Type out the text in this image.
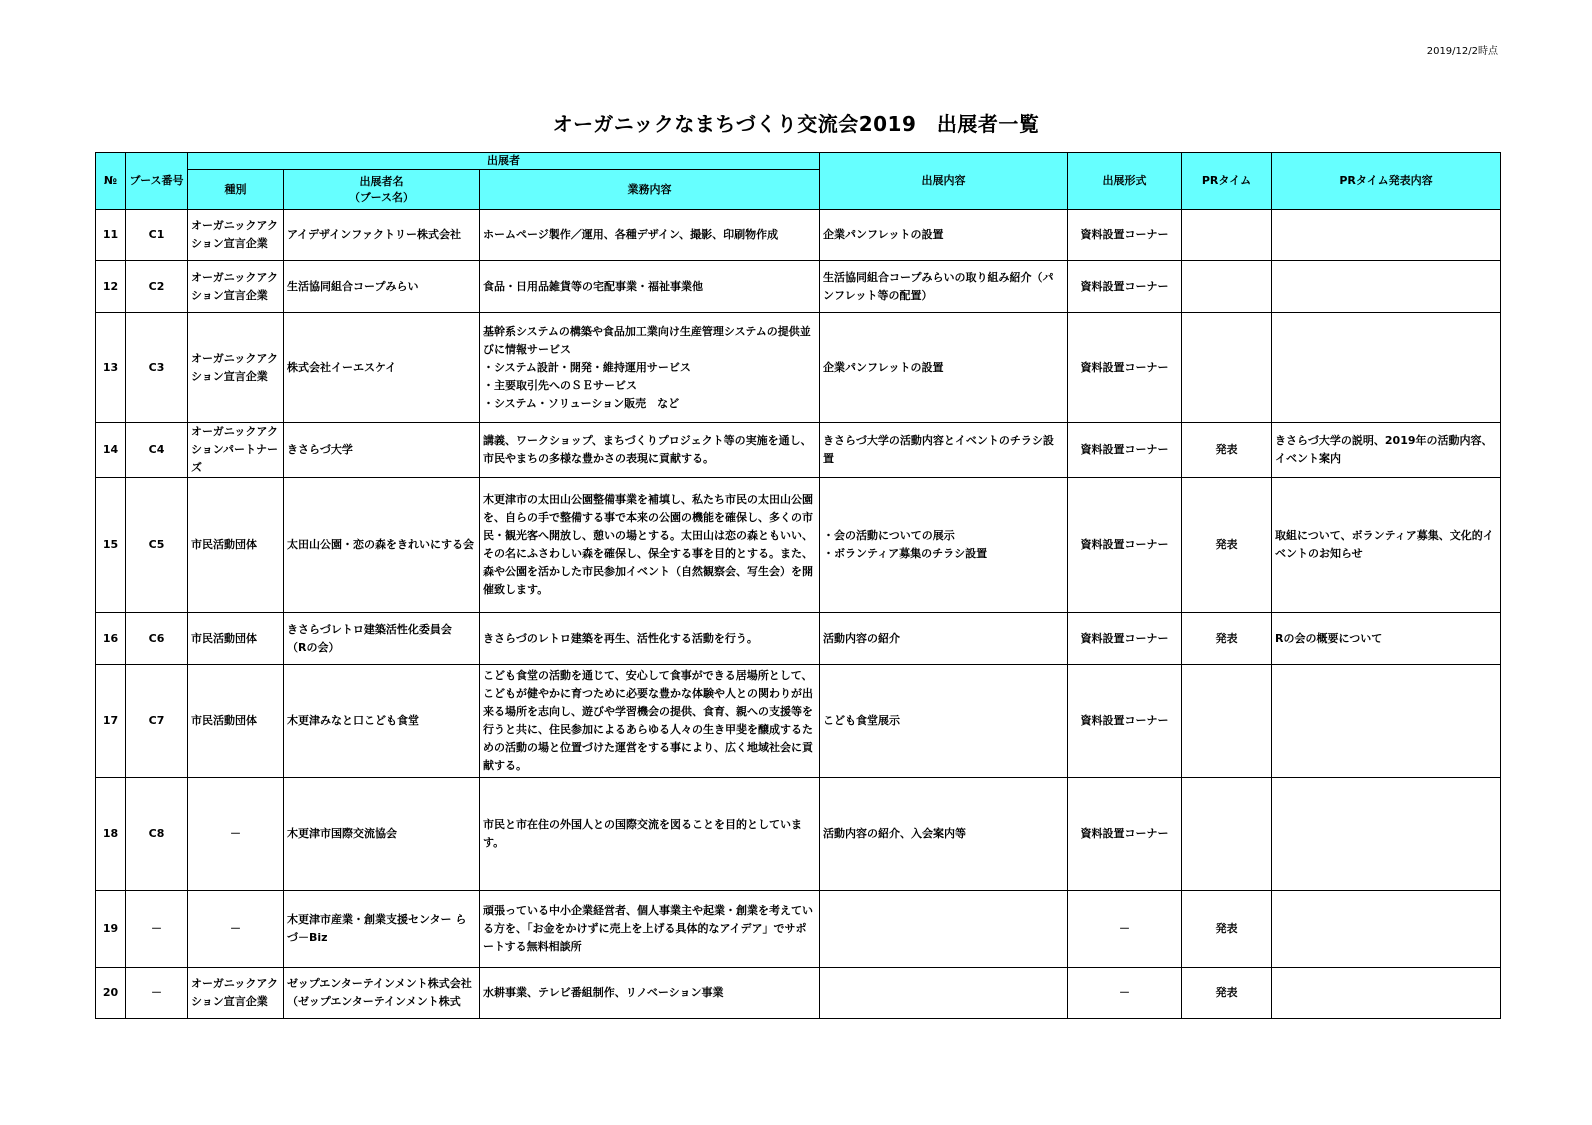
2019/12/2時点
オーガニックなまちづくり交流会2019　出展者一覧
№	ブース番号	出展者			出展内容	出展形式	PRタイム	PRタイム発表内容
		種別	出展者名
（ブース名）	業務内容				
11	C1	オーガニックアクション宣言企業	アイデザインファクトリー株式会社	ホームページ製作／運用、各種デザイン、撮影、印刷物作成	企業パンフレットの設置	資料設置コーナー		
12	C2	オーガニックアクション宣言企業	生活協同組合コープみらい	食品・日用品雑貨等の宅配事業・福祉事業他	生活協同組合コープみらいの取り組み紹介（パンフレット等の配置）	資料設置コーナー		
13	C3	オーガニックアクション宣言企業	株式会社イーエスケイ	基幹系システムの構築や食品加工業向け生産管理システムの提供並びに情報サービス
・システム設計・開発・維持運用サービス
・主要取引先へのＳＥサービス
・システム・ソリューション販売　など	企業パンフレットの設置	資料設置コーナー		
14	C4	オーガニックアクションパートナーズ	きさらづ大学	講義、ワークショップ、まちづくりプロジェクト等の実施を通し、市民やまちの多様な豊かさの表現に貢献する。	きさらづ大学の活動内容とイベントのチラシ設置	資料設置コーナー	発表	きさらづ大学の説明、2019年の活動内容、イベント案内
15	C5	市民活動団体	太田山公園・恋の森をきれいにする会	木更津市の太田山公園整備事業を補填し、私たち市民の太田山公園を、自らの手で整備する事で本来の公園の機能を確保し、多くの市民・観光客へ開放し、憩いの場とする。太田山は恋の森ともいい、その名にふさわしい森を確保し、保全する事を目的とする。また、森や公園を活かした市民参加イベント（自然観察会、写生会）を開催致します。	・会の活動についての展示
・ボランティア募集のチラシ設置	資料設置コーナー	発表	取組について、ボランティア募集、文化的イベントのお知らせ
16	C6	市民活動団体	きさらづレトロ建築活性化委員会
（Rの会）	きさらづのレトロ建築を再生、活性化する活動を行う。	活動内容の紹介	資料設置コーナー	発表	Rの会の概要について
17	C7	市民活動団体	木更津みなと口こども食堂	こども食堂の活動を通じて、安心して食事ができる居場所として、こどもが健やかに育つために必要な豊かな体験や人との関わりが出来る場所を志向し、遊びや学習機会の提供、食育、親への支援等を行うと共に、住民参加によるあらゆる人々の生き甲斐を醸成するための活動の場と位置づけた運営をする事により、広く地域社会に貢献する。	こども食堂展示	資料設置コーナー		
18	C8	－	木更津市国際交流協会	市民と市在住の外国人との国際交流を図ることを目的としています。	活動内容の紹介、入会案内等	資料設置コーナー		
19	－	－	木更津市産業・創業支援センター らづ－Biz	頑張っている中小企業経営者、個人事業主や起業・創業を考えている方を、「お金をかけずに売上を上げる具体的なアイデア」でサポートする無料相談所		－	発表	
20	－	オーガニックアクション宣言企業	ゼップエンターテインメント株式会社
（ゼップエンターテインメント株式	水耕事業、テレビ番組制作、リノベーション事業		－	発表	
